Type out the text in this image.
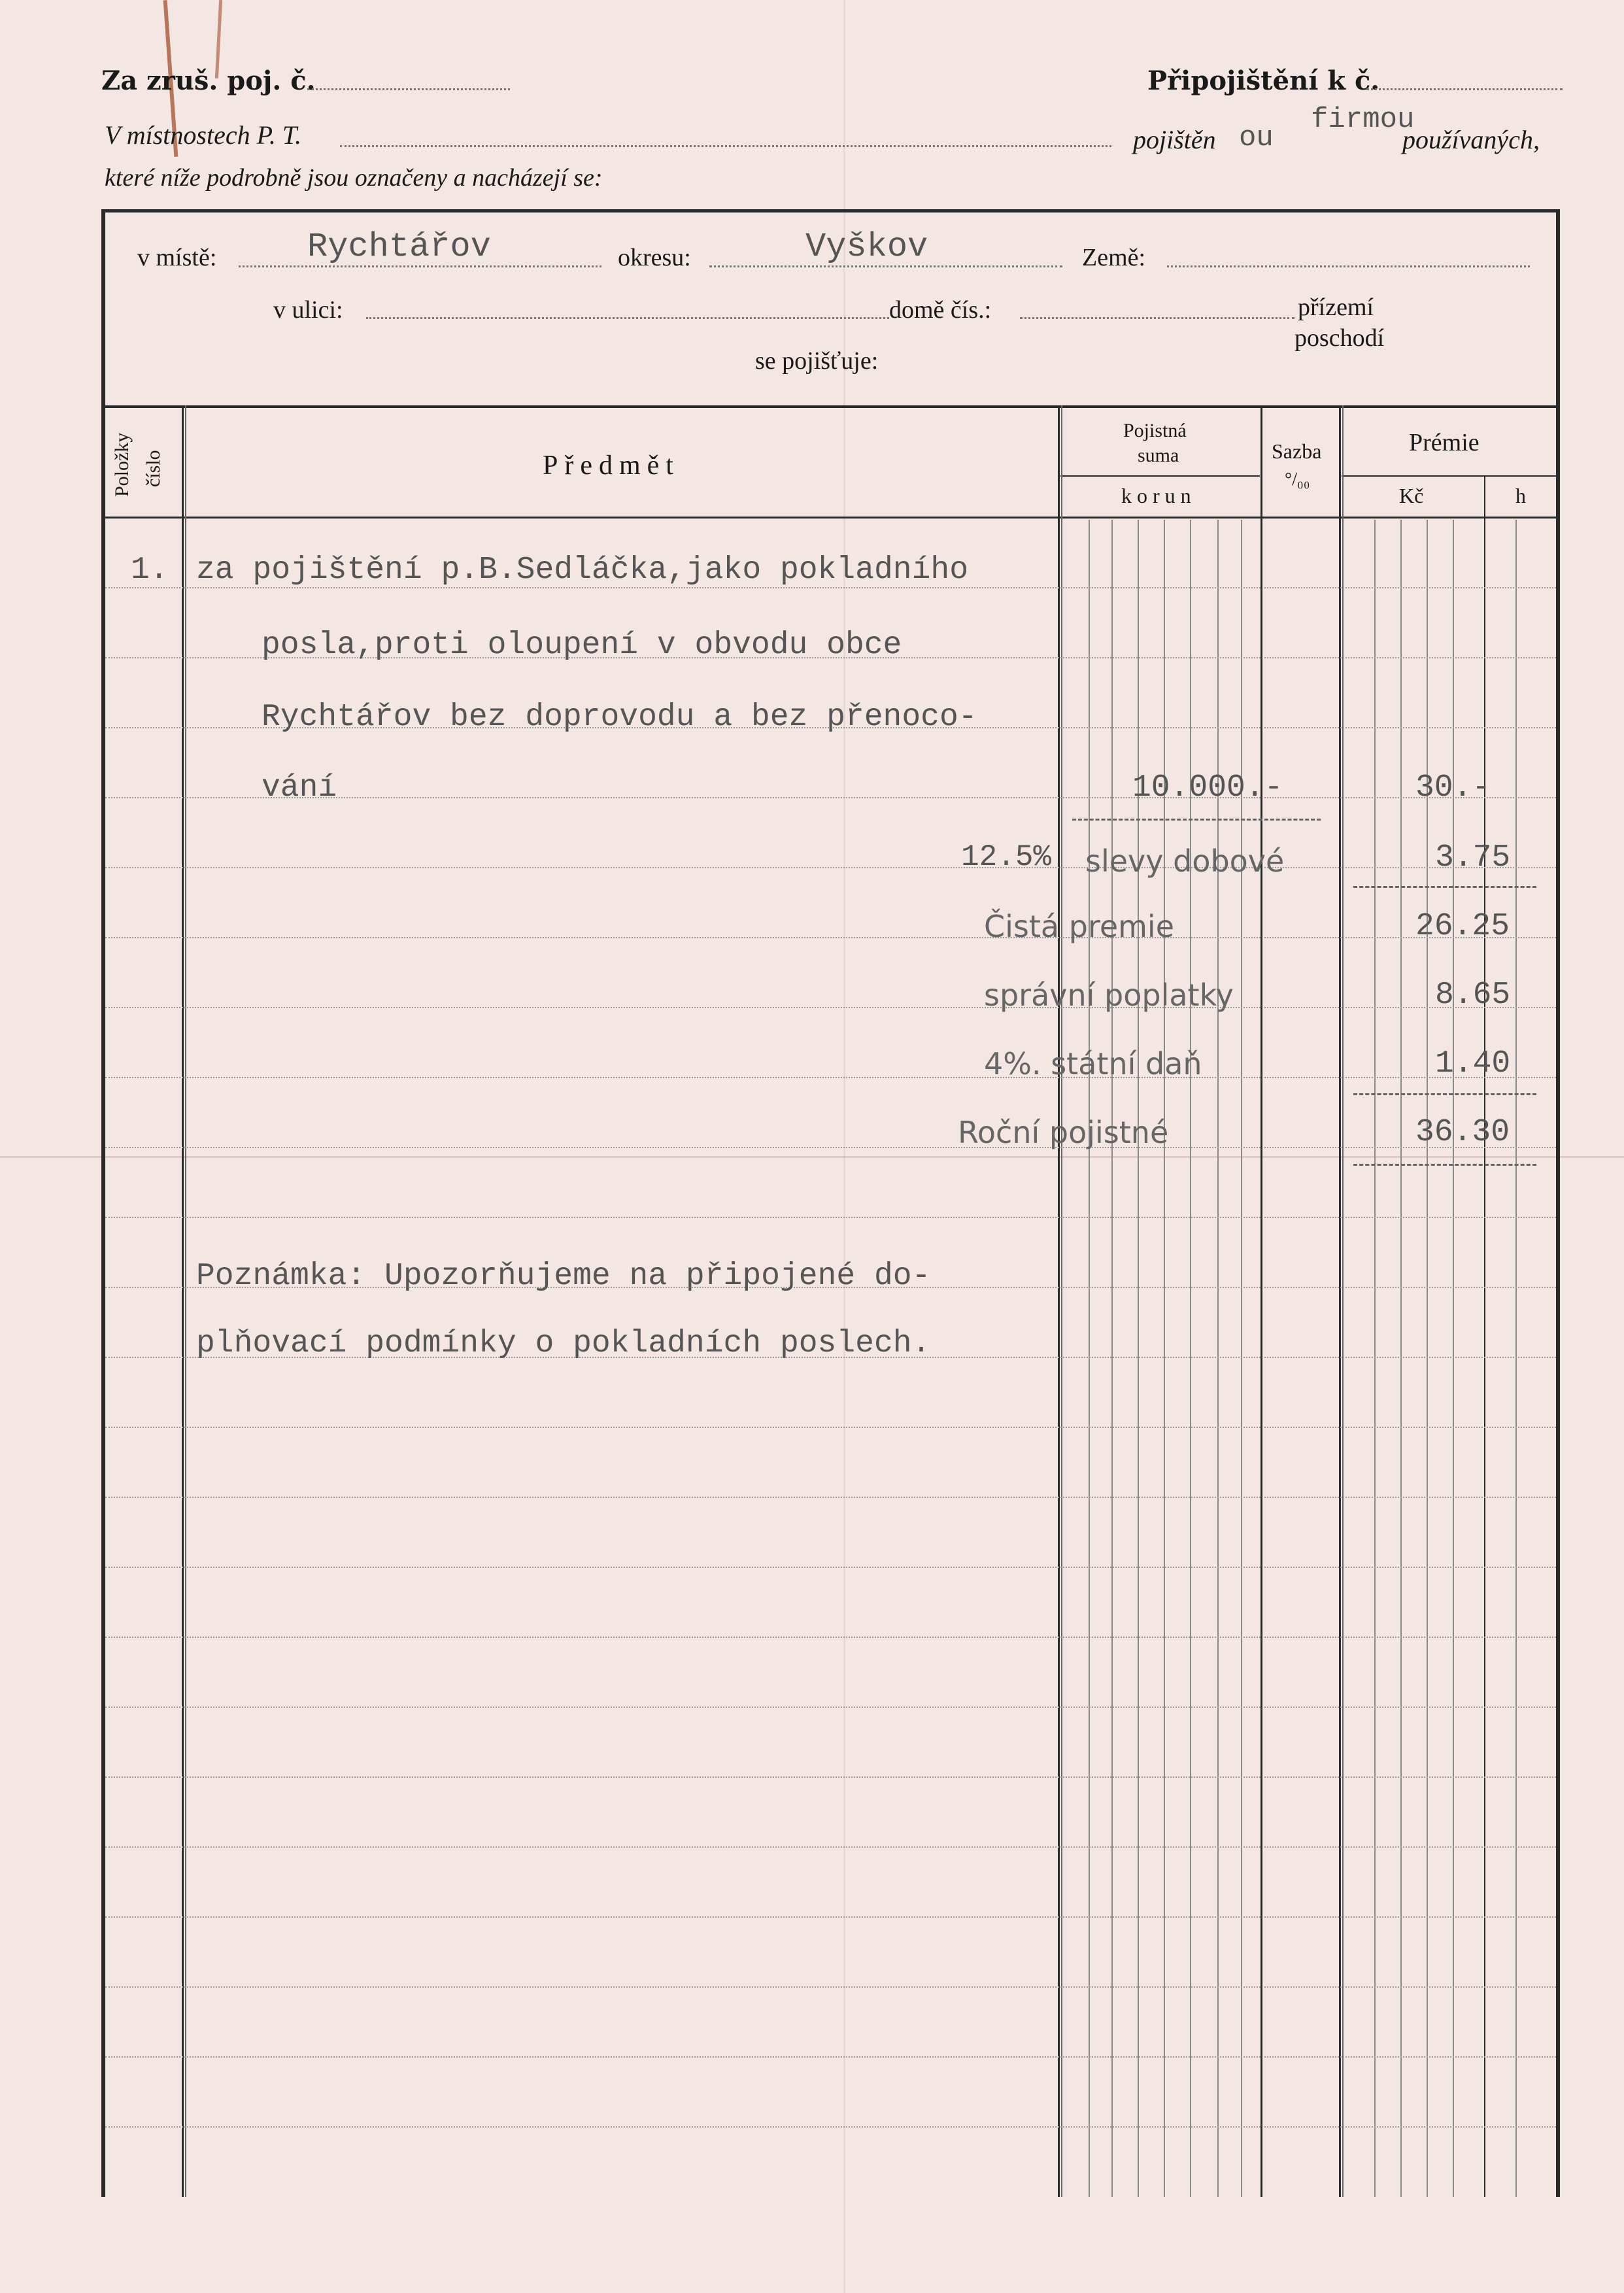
Za zruš. poj. č.	Připojištění k č.
V místnostech P. T.	pojištěn ou
firmou
používaných,
které níže podrobně jsou označeny a nacházejí se:
v místě:	Rychtářov	okresu:	Vyškov	Země:
v ulici:	domě čís.:	přízemí
poschodí
se pojišťuje:
Položky číslo	Předmět
Pojistná
suma
korun
Sazba
°/₀₀
Prémie
Kč	h
1. za pojištění p.B.Sedláčka,jako pokladního
posla,proti oloupení v obvodu obce
Rychtářov bez doprovodu a bez přenoco-
vání	10.000.-	30.-
12.5% slevy dobové	3.75
Čistá premie	26.25
správní poplatky	8.65
4%. státní daň	1.40
Roční pojistné	36.30
Poznámka: Upozorňujeme na připojené do-
plňovací podmínky o pokladních poslech.
